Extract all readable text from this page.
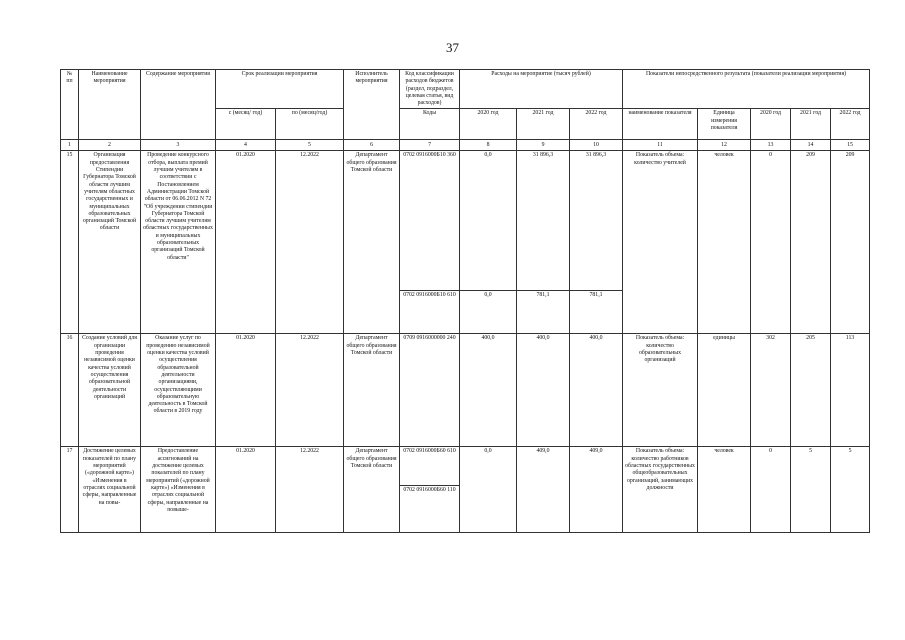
37
№ пп	Наименование мероприятия	Содержание мероприятия	Срок реализации мероприятия		Исполнитель мероприятия	Код классификации расходов бюджетов (раздел, подраздел, целевая статья, вид расходов)	Расходы на мероприятие (тысяч рублей)			Показатели непосредственного результата (показатели реализации мероприятия)				
			с (месяц/ год)	по (месяц/год)		Коды	2020 год	2021 год	2022 год	наименование показателя	Единица измерения показателя	2020 год	2021 год	2022 год
1	2	3	4	5	6	7	8	9	10	11	12	13	14	15
15	Организация предоставления Стипендии Губернатора Томской области лучшим учителям областных государственных и муниципальных образовательных организаций Томской области	Проведение конкурсного отбора, выплата премий лучшим учителям в соответствии с Постановлением Администрации Томской области от 06.06.2012 N 72 "Об учреждении стипендии Губернатора Томской области лучшим учителям областных государственных и муниципальных образовательных организаций Томской области"	01.2020	12.2022	Департамент общего образования Томской области	0702 0916000Б10 360	0,0	31 896,3	31 896,3	Показатель объема: количество учителей	человек	0	209	209
						0702 0916000Б10 610	0,0	781,1	781,1					
16	Создание условий для организации проведения независимой оценки качества условий осуществления образовательной деятельности организаций	Оказание услуг по проведению независимой оценки качества условий осуществления образовательной деятельности организациями, осуществляющими образовательную деятельность в Томской области в 2019 году	01.2020	12.2022	Департамент общего образования Томской области	0709 0916000000 240	400,0	400,0	400,0	Показатель объема: количество образовательных организаций	единицы	302	205	113
17	Достижение целевых показателей по плану мероприятий («дорожной карте») «Изменения в отраслях социальной сферы, направленные на повы-	Предоставление ассигнований на достижение целевых показателей по плану мероприятий («дорожной карте») «Изменения в отраслях социальной сферы, направленные на повыше-	01.2020	12.2022	Департамент общего образования Томской области	0702 0916000Б60 610	0,0	409,0	409,0	Показатель объема: количество работников областных государственных общеобразовательных организаций, занимающих должности	человек	0	5	5
						0702 0916000Б60 110								
